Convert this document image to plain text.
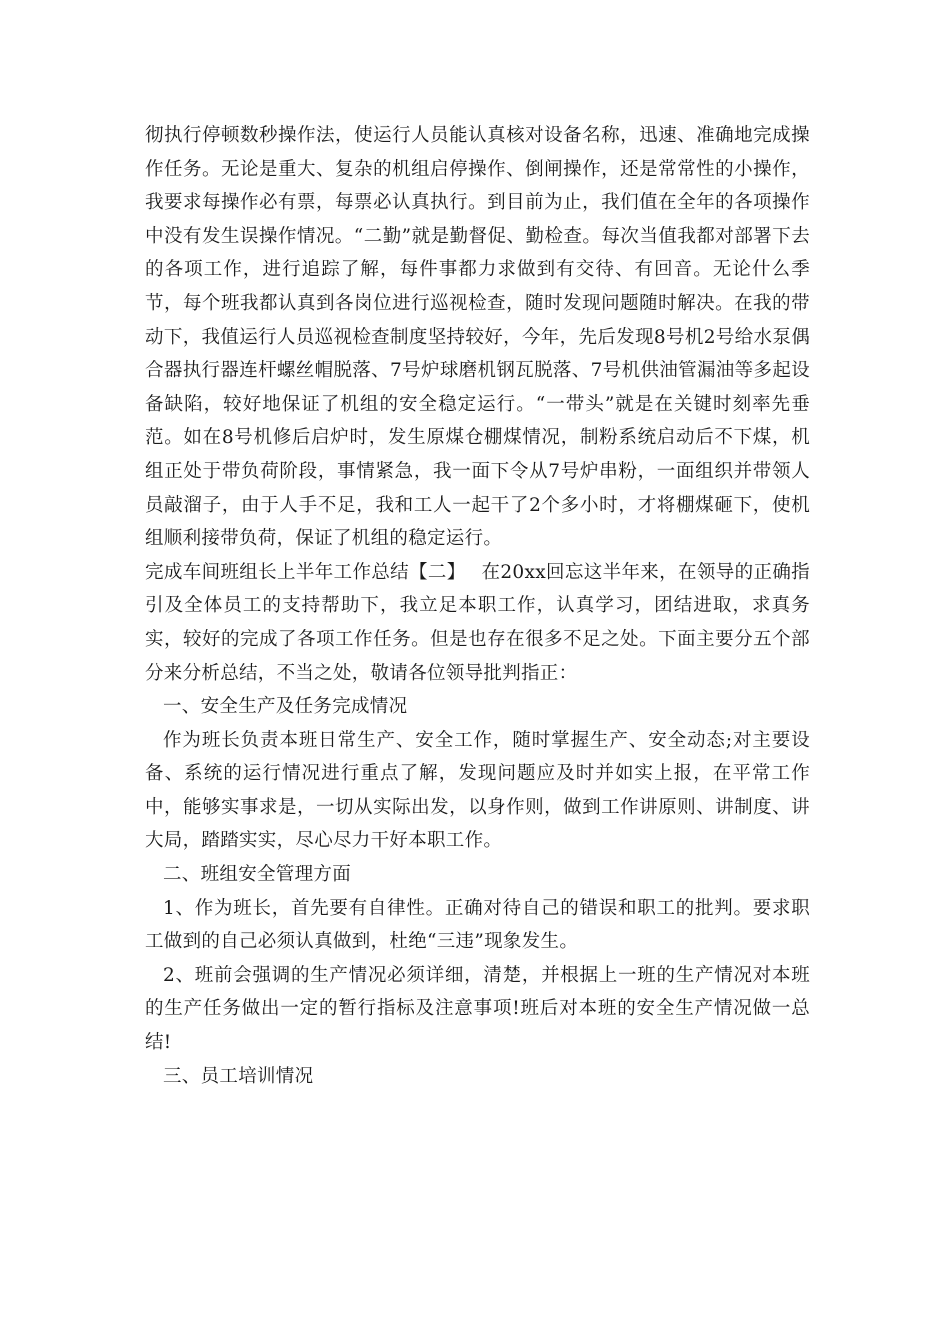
彻执行停顿数秒操作法，使运行人员能认真核对设备名称，迅速、准确地完成操作任务。无论是重大、复杂的机组启停操作、倒闸操作，还是常常性的小操作，我要求每操作必有票，每票必认真执行。到目前为止，我们值在全年的各项操作中没有发生误操作情况。“二勤”就是勤督促、勤检查。每次当值我都对部署下去的各项工作，进行追踪了解，每件事都力求做到有交待、有回音。无论什么季节，每个班我都认真到各岗位进行巡视检查，随时发现问题随时解决。在我的带动下，我值运行人员巡视检查制度坚持较好，今年，先后发现8号机2号给水泵偶合器执行器连杆螺丝帽脱落、7号炉球磨机钢瓦脱落、7号机供油管漏油等多起设备缺陷，较好地保证了机组的安全稳定运行。“一带头”就是在关键时刻率先垂范。如在8号机修后启炉时，发生原煤仓棚煤情况，制粉系统启动后不下煤，机组正处于带负荷阶段，事情紧急，我一面下令从7号炉串粉，一面组织并带领人员敲溜子，由于人手不足，我和工人一起干了2个多小时，才将棚煤砸下，使机组顺利接带负荷，保证了机组的稳定运行。

完成车间班组长上半年工作总结【二】　 在20xx回忘这半年来，在领导的正确指引及全体员工的支持帮助下，我立足本职工作，认真学习，团结进取，求真务实，较好的完成了各项工作任务。但是也存在很多不足之处。下面主要分五个部分来分析总结，不当之处，敬请各位领导批判指正：

一、安全生产及任务完成情况

作为班长负责本班日常生产、安全工作，随时掌握生产、安全动态;对主要设备、系统的运行情况进行重点了解，发现问题应及时并如实上报，在平常工作中，能够实事求是，一切从实际出发，以身作则，做到工作讲原则、讲制度、讲大局，踏踏实实，尽心尽力干好本职工作。

二、班组安全管理方面

1、作为班长，首先要有自律性。正确对待自己的错误和职工的批判。要求职工做到的自己必须认真做到，杜绝“三违”现象发生。

2、班前会强调的生产情况必须详细，清楚，并根据上一班的生产情况对本班的生产任务做出一定的暂行指标及注意事项!班后对本班的安全生产情况做一总结!

三、员工培训情况
